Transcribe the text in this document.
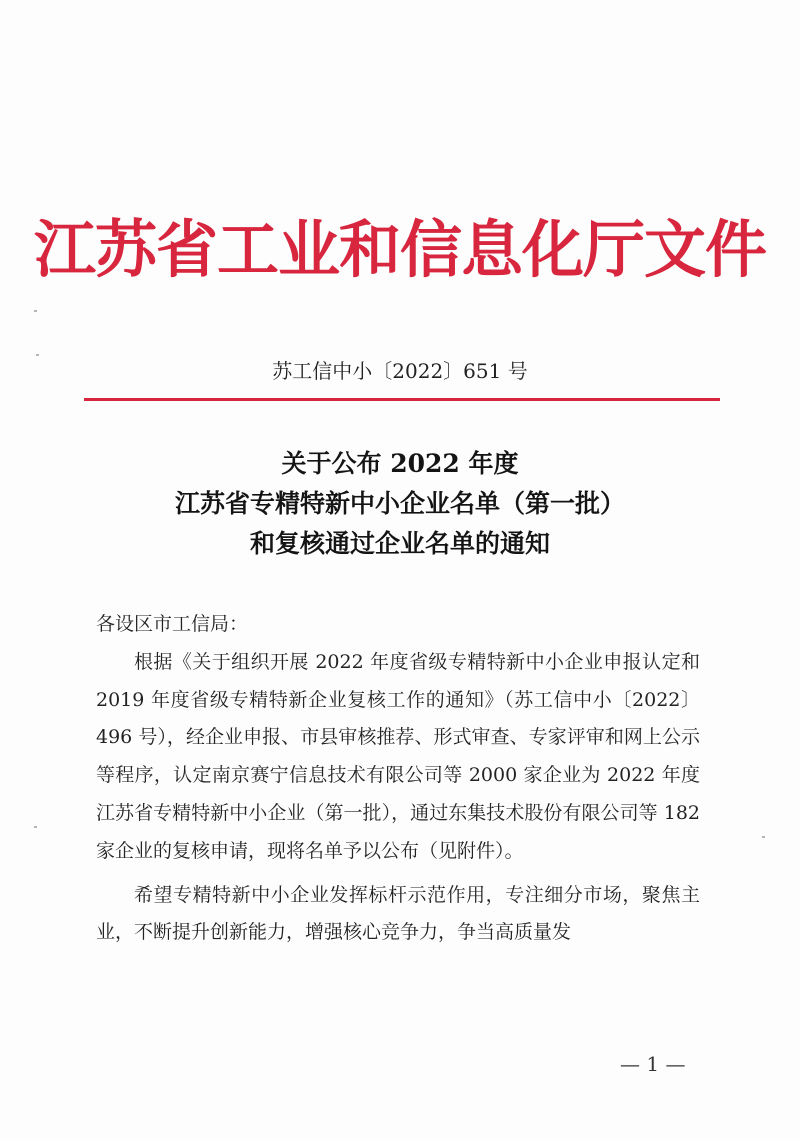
江苏省工业和信息化厅文件
苏工信中小〔2022〕651 号
关于公布 2022 年度
江苏省专精特新中小企业名单（第一批）
和复核通过企业名单的通知

各设区市工信局：

根据《关于组织开展 2022 年度省级专精特新中小企业申报认定和 2019 年度省级专精特新企业复核工作的通知》（苏工信中小〔2022〕496 号），经企业申报、市县审核推荐、形式审查、专家评审和网上公示等程序，认定南京赛宁信息技术有限公司等 2000 家企业为 2022 年度江苏省专精特新中小企业（第一批），通过东集技术股份有限公司等 182 家企业的复核申请，现将名单予以公布（见附件）。

希望专精特新中小企业发挥标杆示范作用，专注细分市场，聚焦主业，不断提升创新能力，增强核心竞争力，争当高质量发

— 1 —
